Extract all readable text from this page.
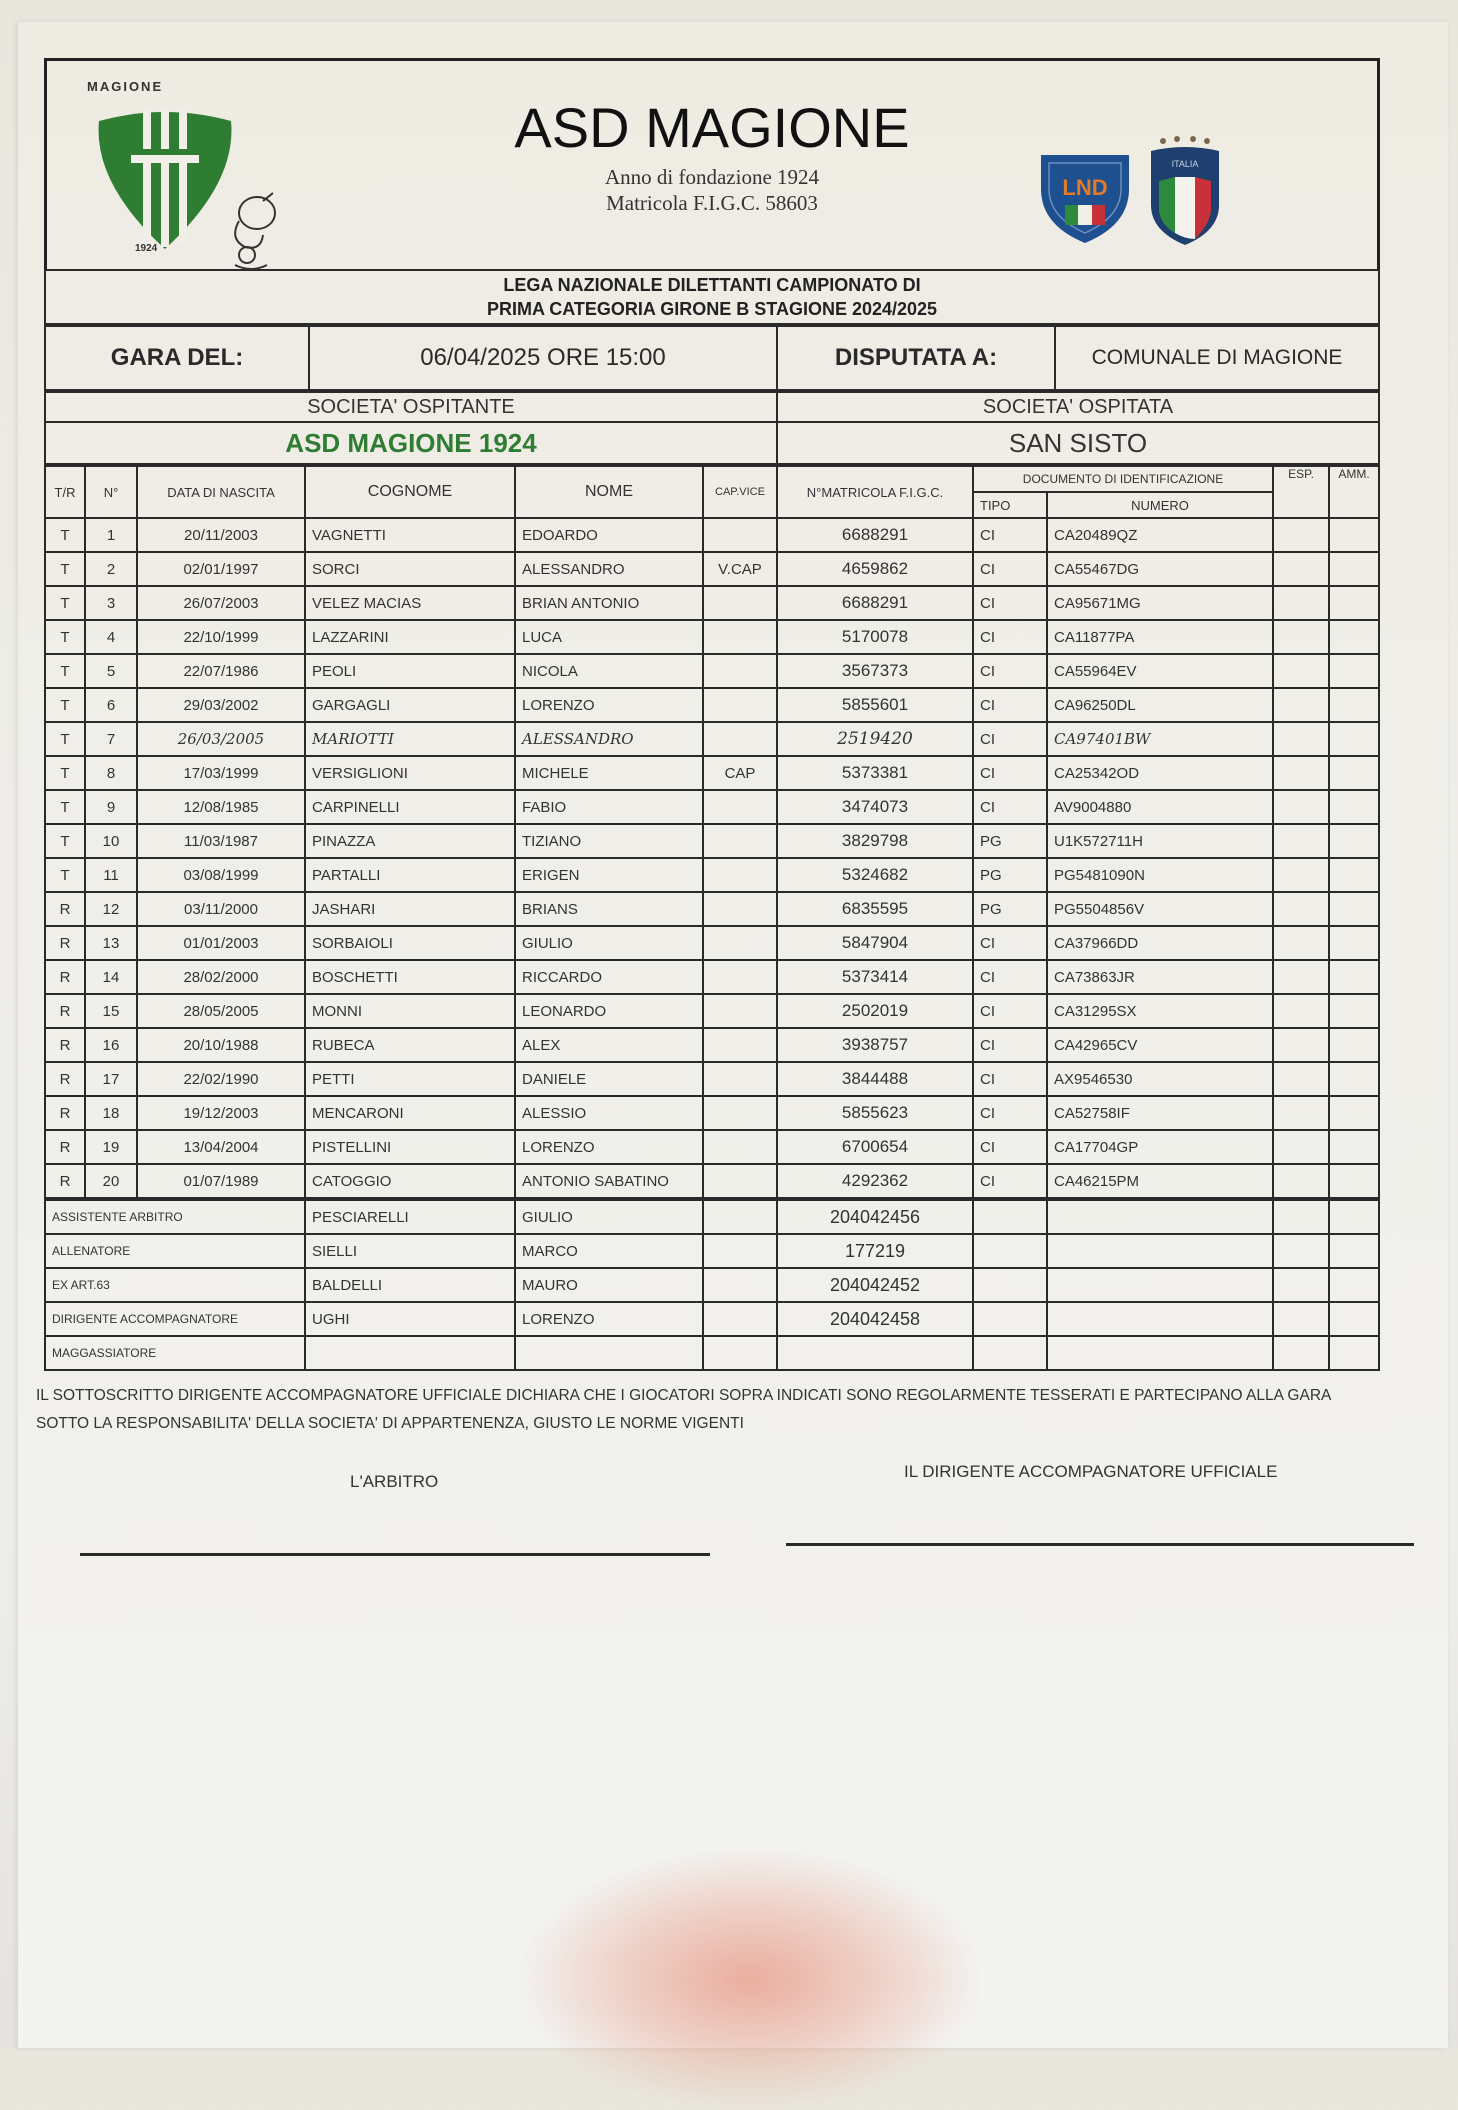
MAGIONE
1924
ASD MAGIONE
Anno di fondazione 1924
Matricola F.I.G.C. 58603
LND
ITALIA
LEGA NAZIONALE DILETTANTI CAMPIONATO DI
PRIMA CATEGORIA GIRONE B STAGIONE 2024/2025
GARA DEL:	06/04/2025 ORE 15:00	DISPUTATA A:	COMUNALE DI MAGIONE
SOCIETA' OSPITANTE	SOCIETA' OSPITATA
ASD MAGIONE 1924	SAN SISTO
T/R	N°	DATA DI NASCITA	COGNOME	NOME	CAP.VICE	N°MATRICOLA F.I.G.C.	DOCUMENTO DI IDENTIFICAZIONE		ESP.	AMM.
							TIPO	NUMERO		
T	1	20/11/2003	VAGNETTI	EDOARDO		6688291	CI	CA20489QZ		
T	2	02/01/1997	SORCI	ALESSANDRO	V.CAP	4659862	CI	CA55467DG		
T	3	26/07/2003	VELEZ MACIAS	BRIAN ANTONIO		6688291	CI	CA95671MG		
T	4	22/10/1999	LAZZARINI	LUCA		5170078	CI	CA11877PA		
T	5	22/07/1986	PEOLI	NICOLA		3567373	CI	CA55964EV		
T	6	29/03/2002	GARGAGLI	LORENZO		5855601	CI	CA96250DL		
T	7	26/03/2005	MARIOTTI	ALESSANDRO		2519420	CI	CA97401BW		
T	8	17/03/1999	VERSIGLIONI	MICHELE	CAP	5373381	CI	CA25342OD		
T	9	12/08/1985	CARPINELLI	FABIO		3474073	CI	AV9004880		
T	10	11/03/1987	PINAZZA	TIZIANO		3829798	PG	U1K572711H		
T	11	03/08/1999	PARTALLI	ERIGEN		5324682	PG	PG5481090N		
R	12	03/11/2000	JASHARI	BRIANS		6835595	PG	PG5504856V		
R	13	01/01/2003	SORBAIOLI	GIULIO		5847904	CI	CA37966DD		
R	14	28/02/2000	BOSCHETTI	RICCARDO		5373414	CI	CA73863JR		
R	15	28/05/2005	MONNI	LEONARDO		2502019	CI	CA31295SX		
R	16	20/10/1988	RUBECA	ALEX		3938757	CI	CA42965CV		
R	17	22/02/1990	PETTI	DANIELE		3844488	CI	AX9546530		
R	18	19/12/2003	MENCARONI	ALESSIO		5855623	CI	CA52758IF		
R	19	13/04/2004	PISTELLINI	LORENZO		6700654	CI	CA17704GP		
R	20	01/07/1989	CATOGGIO	ANTONIO SABATINO		4292362	CI	CA46215PM		
ASSISTENTE ARBITRO	PESCIARELLI	GIULIO		204042456				
ALLENATORE	SIELLI	MARCO		177219				
EX ART.63	BALDELLI	MAURO		204042452				
DIRIGENTE ACCOMPAGNATORE	UGHI	LORENZO		204042458				
MAGGASSIATORE								
IL SOTTOSCRITTO DIRIGENTE ACCOMPAGNATORE UFFICIALE DICHIARA CHE I GIOCATORI SOPRA INDICATI SONO REGOLARMENTE TESSERATI E PARTECIPANO ALLA GARA
SOTTO LA RESPONSABILITA' DELLA SOCIETA' DI APPARTENENZA, GIUSTO LE NORME VIGENTI
L'ARBITRO
IL DIRIGENTE ACCOMPAGNATORE UFFICIALE
